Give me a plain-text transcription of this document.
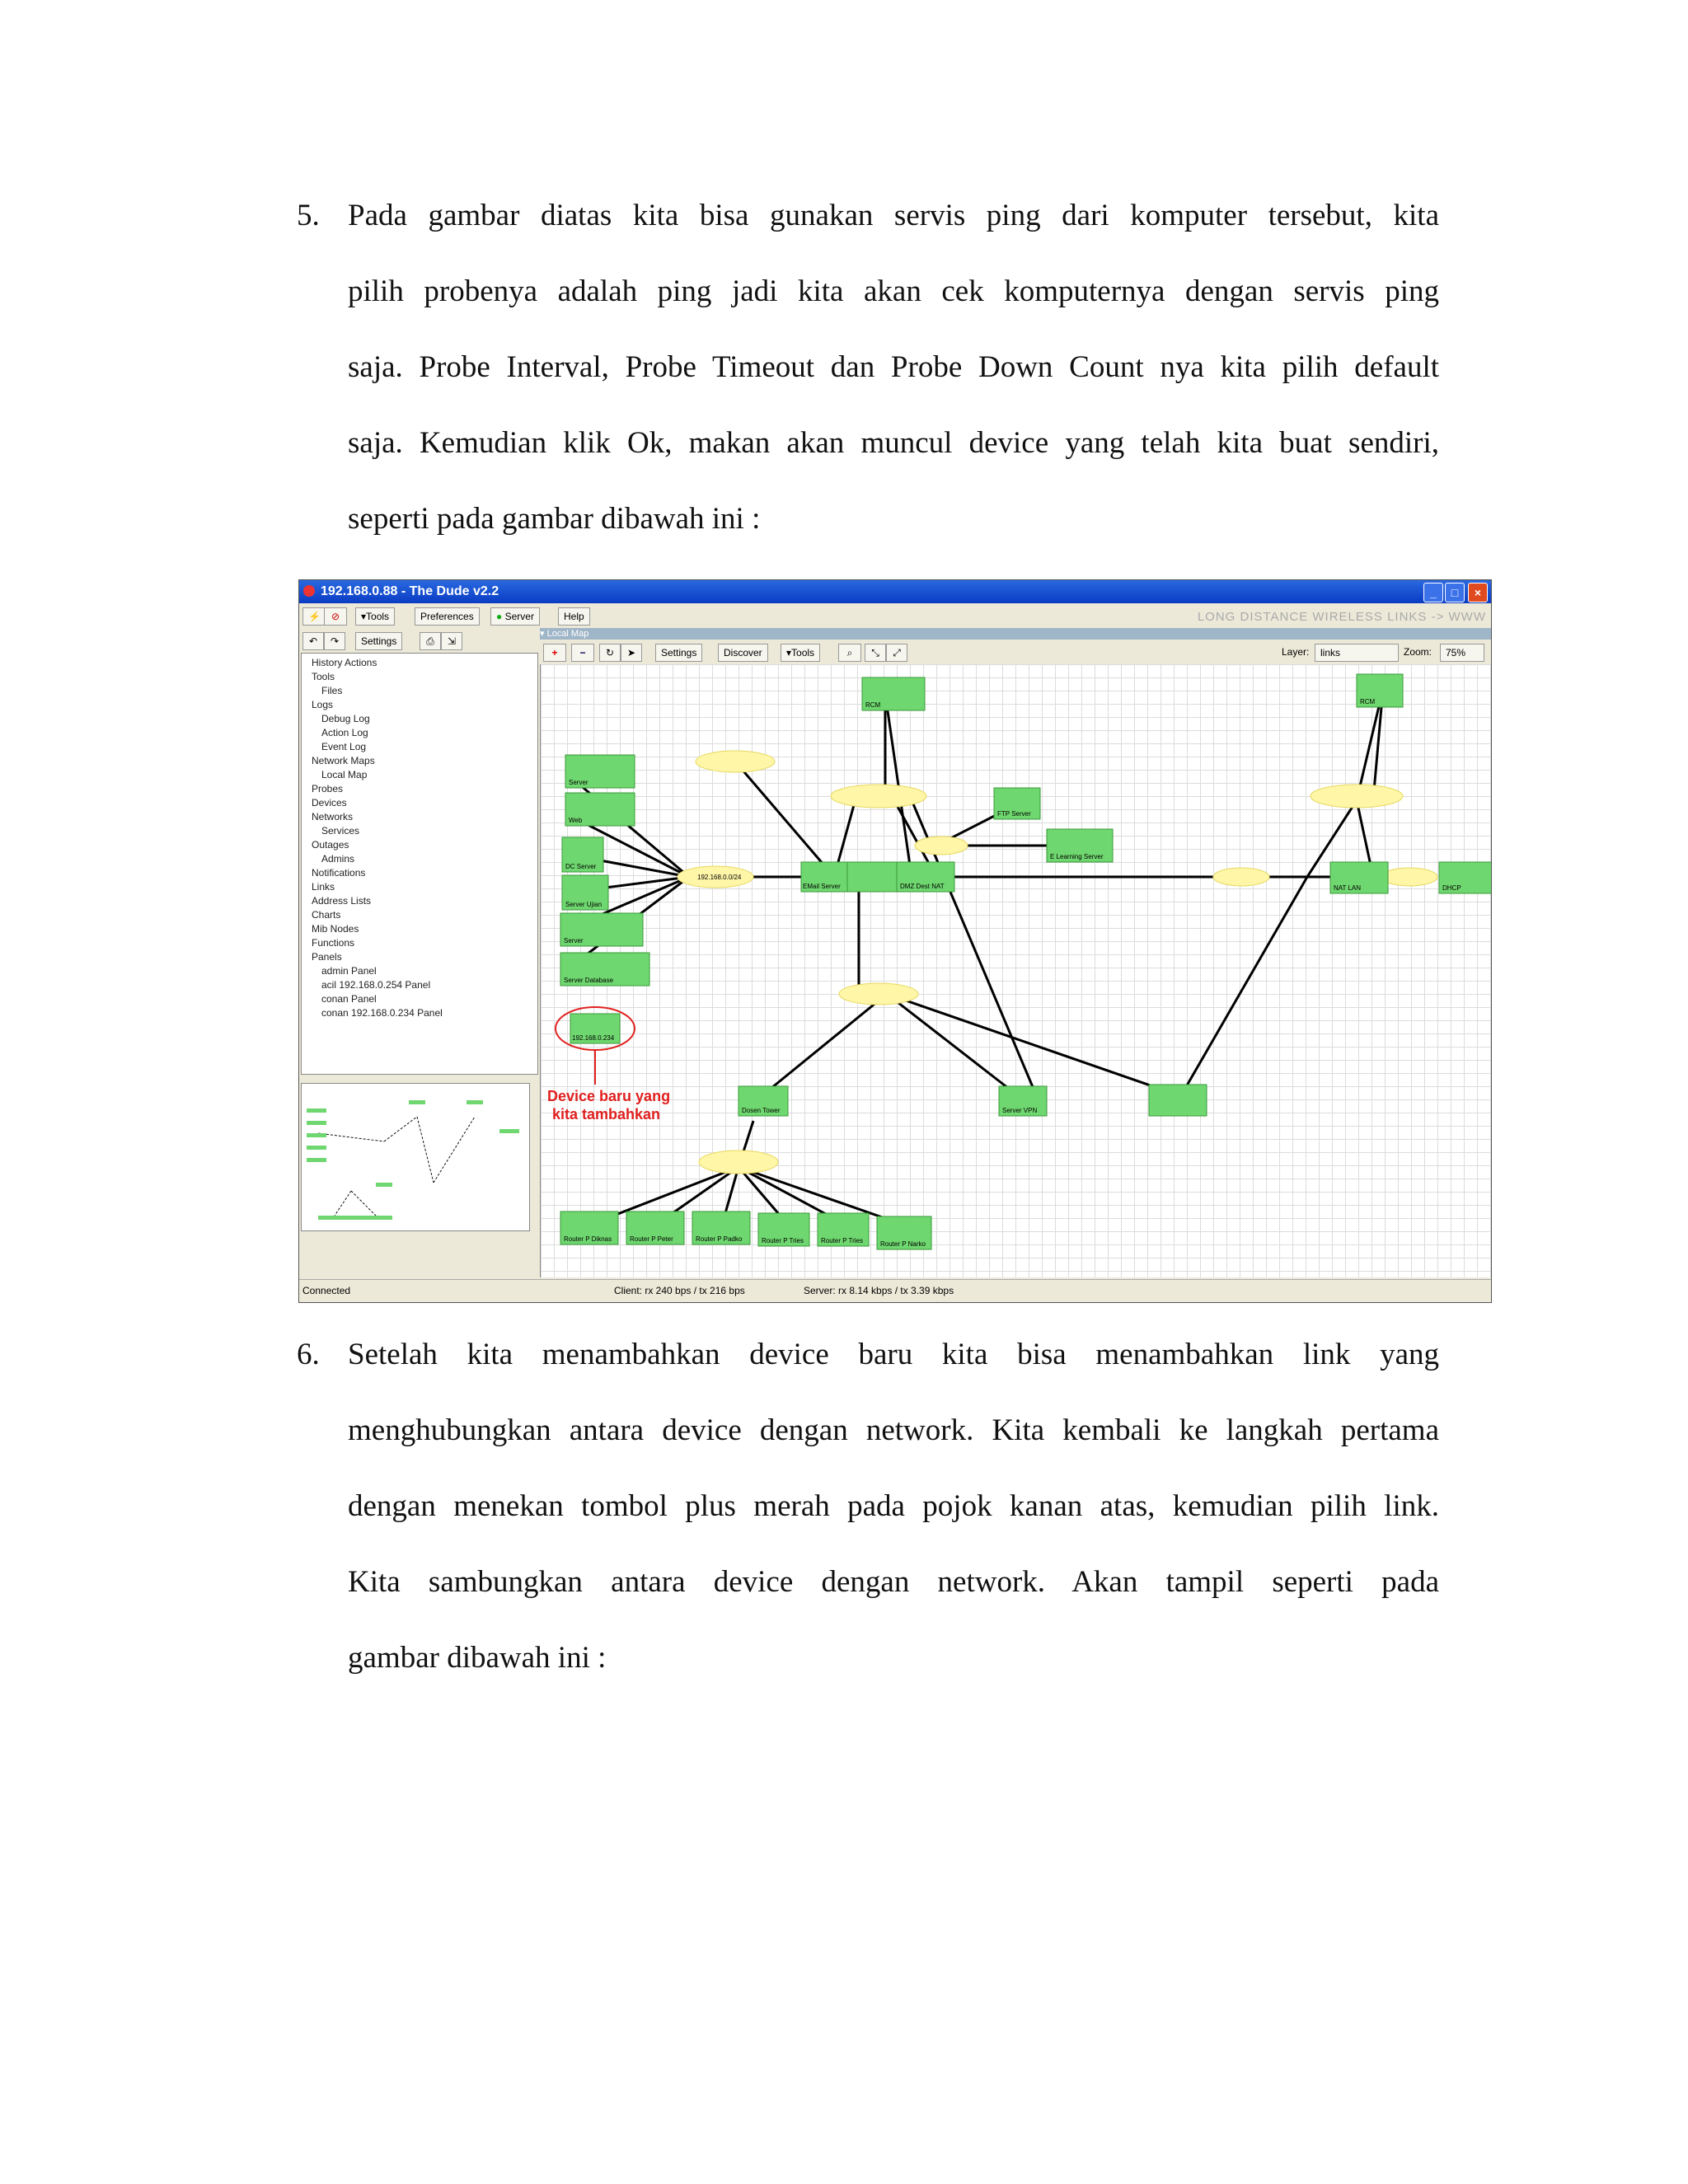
5. Pada gambar diatas kita bisa gunakan servis ping dari komputer tersebut, kita
pilih probenya adalah ping jadi kita akan cek komputernya dengan servis ping
saja. Probe Interval, Probe Timeout dan Probe Down Count nya kita pilih default
saja. Kemudian klik Ok, makan akan muncul device yang telah kita buat sendiri,
seperti pada gambar dibawah ini :
192.168.0.88 - The Dude v2.2	_	□	×
⚡	⊘	▾Tools	Preferences	● Server	Help	LONG DISTANCE WIRELESS LINKS -> WWW
↶	↷	Settings	⎙	⇲
History Actions
Tools
Files
Logs
Debug Log
Action Log
Event Log
Network Maps
Local Map
Probes
Devices
Networks
Services
Outages
Admins
Notifications
Links
Address Lists
Charts
Mib Nodes
Functions
Panels
admin Panel
acil 192.168.0.254 Panel
conan Panel
conan 192.168.0.234 Panel
▾ Local Map
+	−	↻	➤	Settings	Discover	▾Tools	⌕	⤡	⤢	Layer:	links	Zoom:	75%
192.168.0.0/24
Server
Web
DC Server
Server Ujian
Server
Server Database
192.168.0.234
Device baru yang
kita tambahkan
EMail Server	DMZ Dest NAT
FTP Server
E Learning Server
RCM
RCM
NAT LAN	DHCP
Dosen Tower	Server VPN
Router P Diknas	Router P Peter	Router P Padko	Router P Tries	Router P Tries	Router P Narko
Connected	Client: rx 240 bps / tx 216 bps	Server: rx 8.14 kbps / tx 3.39 kbps
6. Setelah kita menambahkan device baru kita bisa menambahkan link yang
menghubungkan antara device dengan network. Kita kembali ke langkah pertama
dengan menekan tombol plus merah pada pojok kanan atas, kemudian pilih link.
Kita sambungkan antara device dengan network. Akan tampil seperti pada
gambar dibawah ini :
